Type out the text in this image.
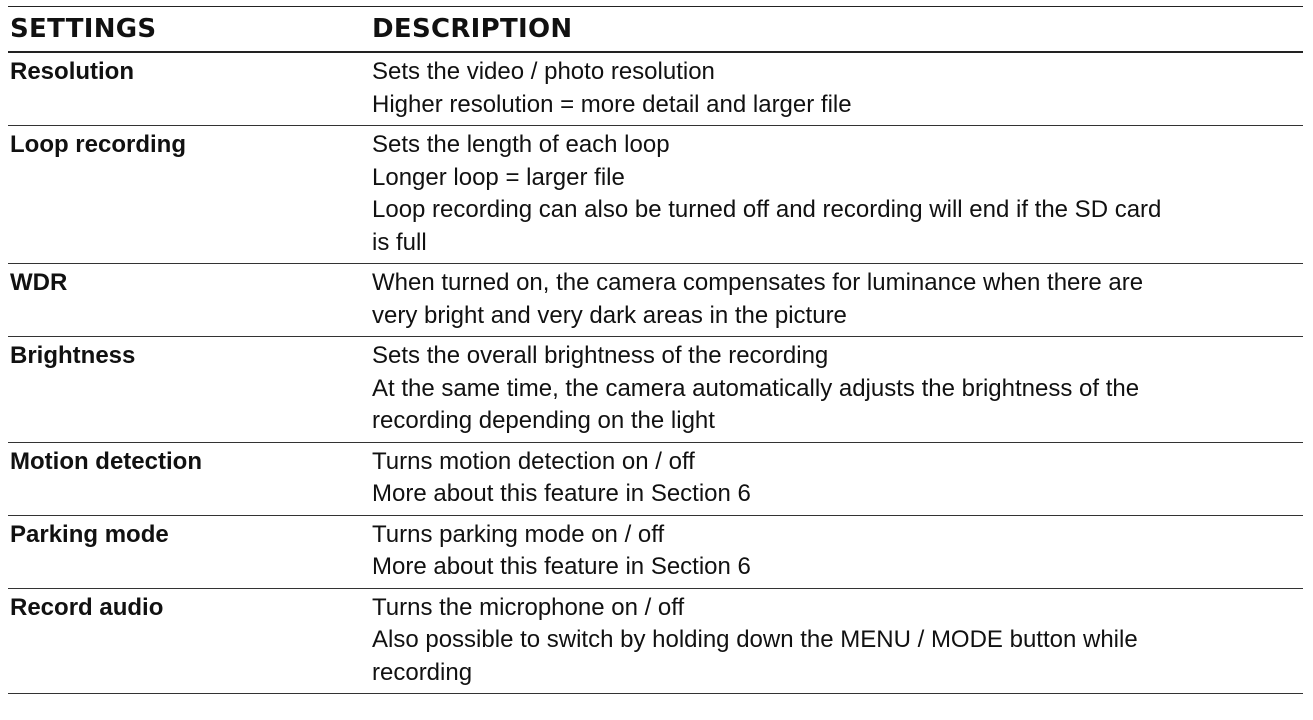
SETTINGS	DESCRIPTION
Resolution	Sets the video / photo resolution
Higher resolution = more detail and larger file
Loop recording	Sets the length of each loop
Longer loop = larger file
Loop recording can also be turned off and recording will end if the SD card
is full
WDR	When turned on, the camera compensates for luminance when there are
very bright and very dark areas in the picture
Brightness	Sets the overall brightness of the recording
At the same time, the camera automatically adjusts the brightness of the
recording depending on the light
Motion detection	Turns motion detection on / off
More about this feature in Section 6
Parking mode	Turns parking mode on / off
More about this feature in Section 6
Record audio	Turns the microphone on / off
Also possible to switch by holding down the MENU / MODE button while
recording
